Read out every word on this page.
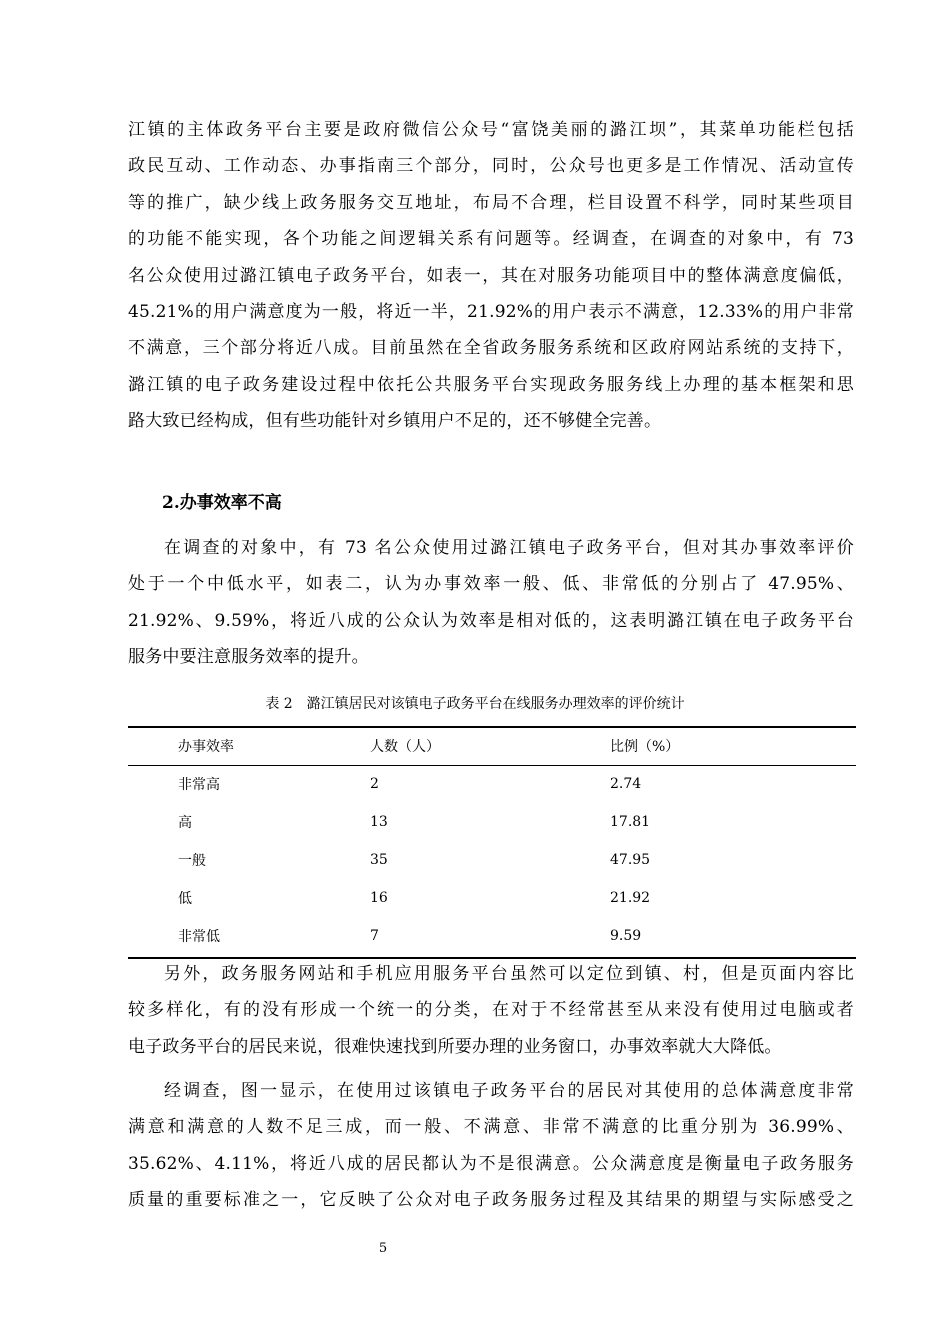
江镇的主体政务平台主要是政府微信公众号“富饶美丽的潞江坝”，其菜单功能栏包括
政民互动、工作动态、办事指南三个部分，同时，公众号也更多是工作情况、活动宣传
等的推广，缺少线上政务服务交互地址，布局不合理，栏目设置不科学，同时某些项目
的功能不能实现，各个功能之间逻辑关系有问题等。经调查，在调查的对象中，有 73
名公众使用过潞江镇电子政务平台，如表一，其在对服务功能项目中的整体满意度偏低，
45.21%的用户满意度为一般，将近一半，21.92%的用户表示不满意，12.33%的用户非常
不满意，三个部分将近八成。目前虽然在全省政务服务系统和区政府网站系统的支持下，
潞江镇的电子政务建设过程中依托公共服务平台实现政务服务线上办理的基本框架和思
路大致已经构成，但有些功能针对乡镇用户不足的，还不够健全完善。
2.办事效率不高
在调查的对象中，有 73 名公众使用过潞江镇电子政务平台，但对其办事效率评价
处于一个中低水平，如表二，认为办事效率一般、低、非常低的分别占了 47.95%、
21.92%、9.59%，将近八成的公众认为效率是相对低的，这表明潞江镇在电子政务平台
服务中要注意服务效率的提升。
表 2　潞江镇居民对该镇电子政务平台在线服务办理效率的评价统计
办事效率	人数（人）	比例（%）
非常高	2	2.74
高	13	17.81
一般	35	47.95
低	16	21.92
非常低	7	9.59
另外，政务服务网站和手机应用服务平台虽然可以定位到镇、村，但是页面内容比
较多样化，有的没有形成一个统一的分类，在对于不经常甚至从来没有使用过电脑或者
电子政务平台的居民来说，很难快速找到所要办理的业务窗口，办事效率就大大降低。
经调查，图一显示，在使用过该镇电子政务平台的居民对其使用的总体满意度非常
满意和满意的人数不足三成，而一般、不满意、非常不满意的比重分别为 36.99%、
35.62%、4.11%，将近八成的居民都认为不是很满意。公众满意度是衡量电子政务服务
质量的重要标准之一，它反映了公众对电子政务服务过程及其结果的期望与实际感受之
5
